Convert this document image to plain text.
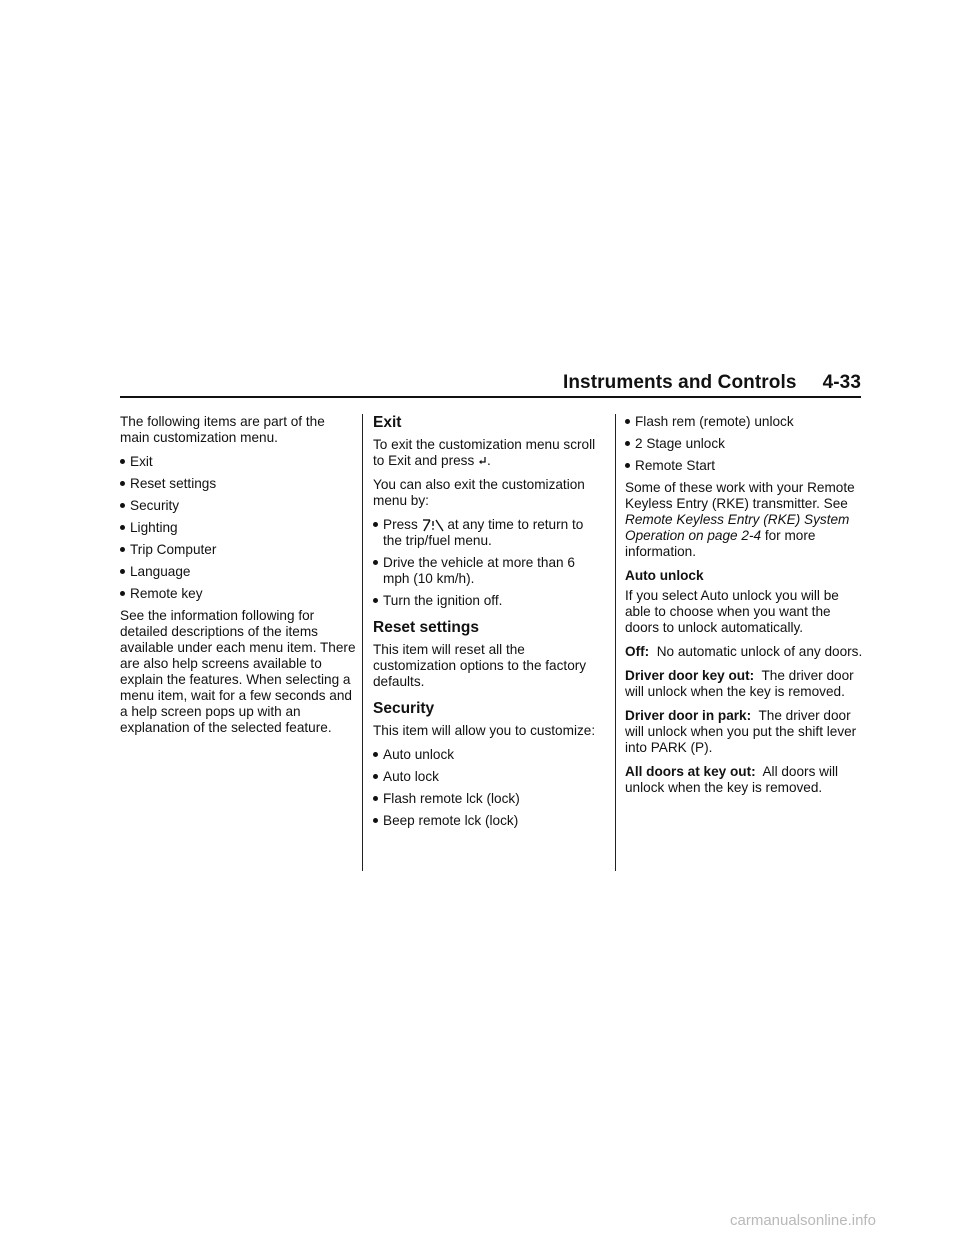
Instruments and Controls 4-33

The following items are part of the main customization menu.

Exit
Reset settings
Security
Lighting
Trip Computer
Language
Remote key

See the information following for detailed descriptions of the items available under each menu item. There are also help screens available to explain the features. When selecting a menu item, wait for a few seconds and a help screen pops up with an explanation of the selected feature.

Exit

To exit the customization menu scroll to Exit and press .

You can also exit the customization menu by:

Press at any time to return to the trip/fuel menu.
Drive the vehicle at more than 6 mph (10 km/h).
Turn the ignition off.
Reset settings

This item will reset all the customization options to the factory defaults.

Security

This item will allow you to customize:

Auto unlock
Auto lock
Flash remote lck (lock)
Beep remote lck (lock)
Flash rem (remote) unlock
2 Stage unlock
Remote Start

Some of these work with your Remote Keyless Entry (RKE) transmitter. See Remote Keyless Entry (RKE) System Operation on page 2-4 for more information.

Auto unlock

If you select Auto unlock you will be able to choose when you want the doors to unlock automatically.

Off: No automatic unlock of any doors.

Driver door key out: The driver door will unlock when the key is removed.

Driver door in park: The driver door will unlock when you put the shift lever into PARK (P).

All doors at key out: All doors will unlock when the key is removed.

carmanualsonline.info
